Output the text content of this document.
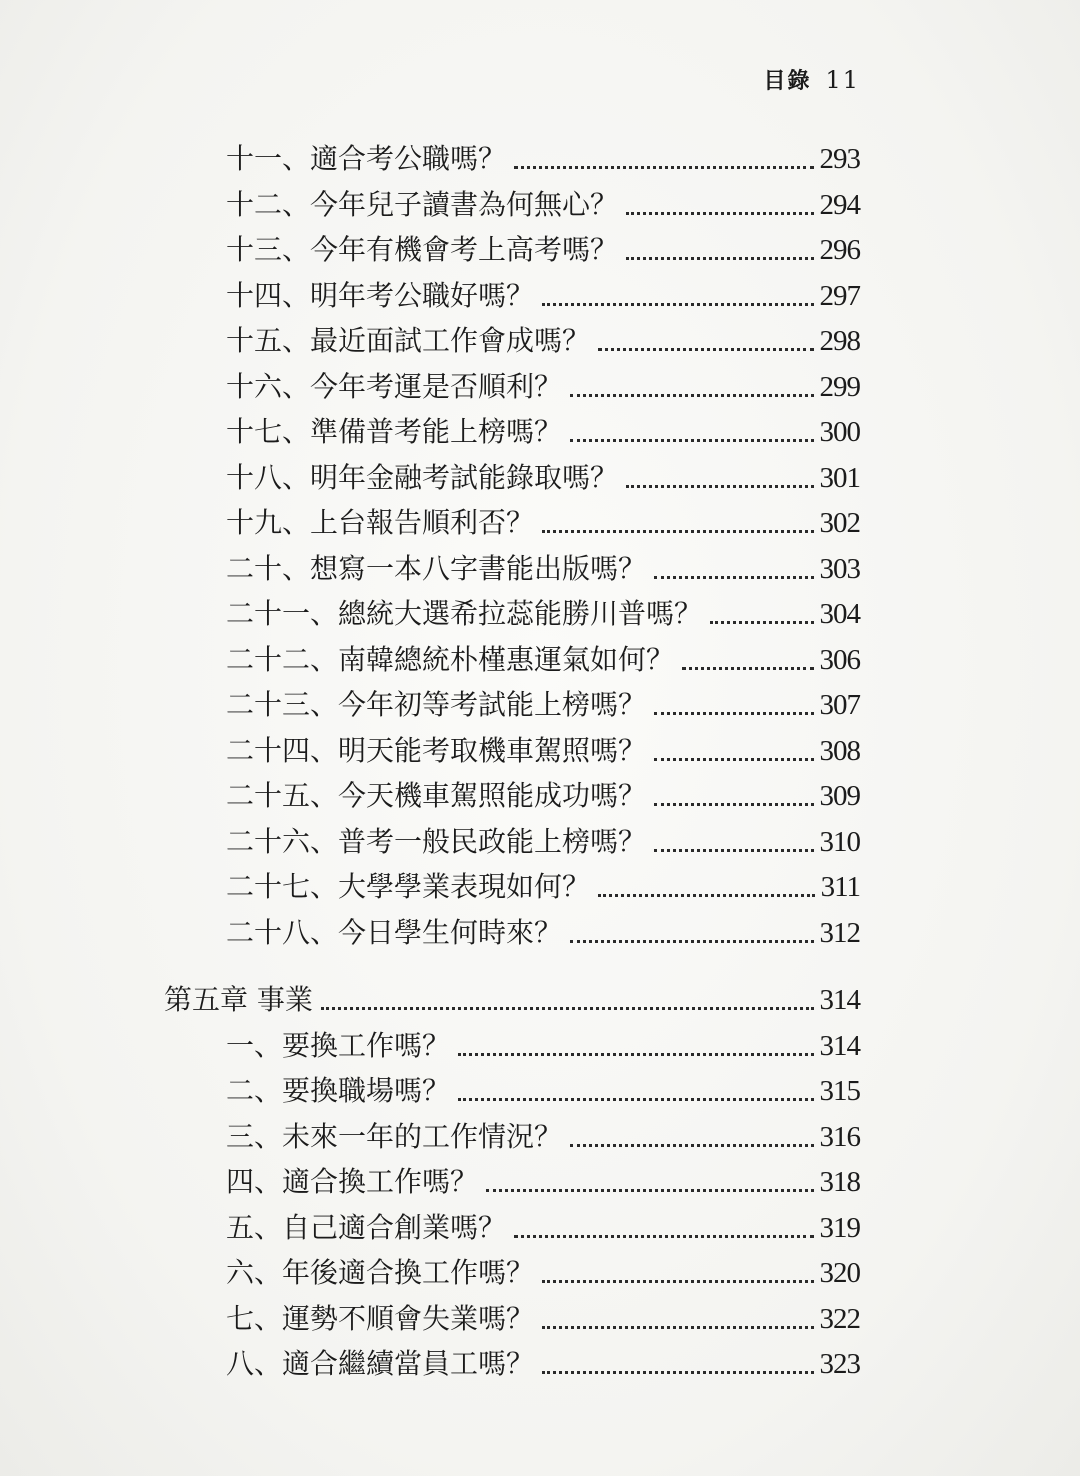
目錄 11
十一、適合考公職嗎？	293
十二、今年兒子讀書為何無心？	294
十三、今年有機會考上高考嗎？	296
十四、明年考公職好嗎？	297
十五、最近面試工作會成嗎？	298
十六、今年考運是否順利？	299
十七、準備普考能上榜嗎？	300
十八、明年金融考試能錄取嗎？	301
十九、上台報告順利否？	302
二十、想寫一本八字書能出版嗎？	303
二十一、總統大選希拉蕊能勝川普嗎？	304
二十二、南韓總統朴槿惠運氣如何？	306
二十三、今年初等考試能上榜嗎？	307
二十四、明天能考取機車駕照嗎？	308
二十五、今天機車駕照能成功嗎？	309
二十六、普考一般民政能上榜嗎？	310
二十七、大學學業表現如何？	311
二十八、今日學生何時來？	312
第五章 事業	314
一、要換工作嗎？	314
二、要換職場嗎？	315
三、未來一年的工作情況？	316
四、適合換工作嗎？	318
五、自己適合創業嗎？	319
六、年後適合換工作嗎？	320
七、運勢不順會失業嗎？	322
八、適合繼續當員工嗎？	323
